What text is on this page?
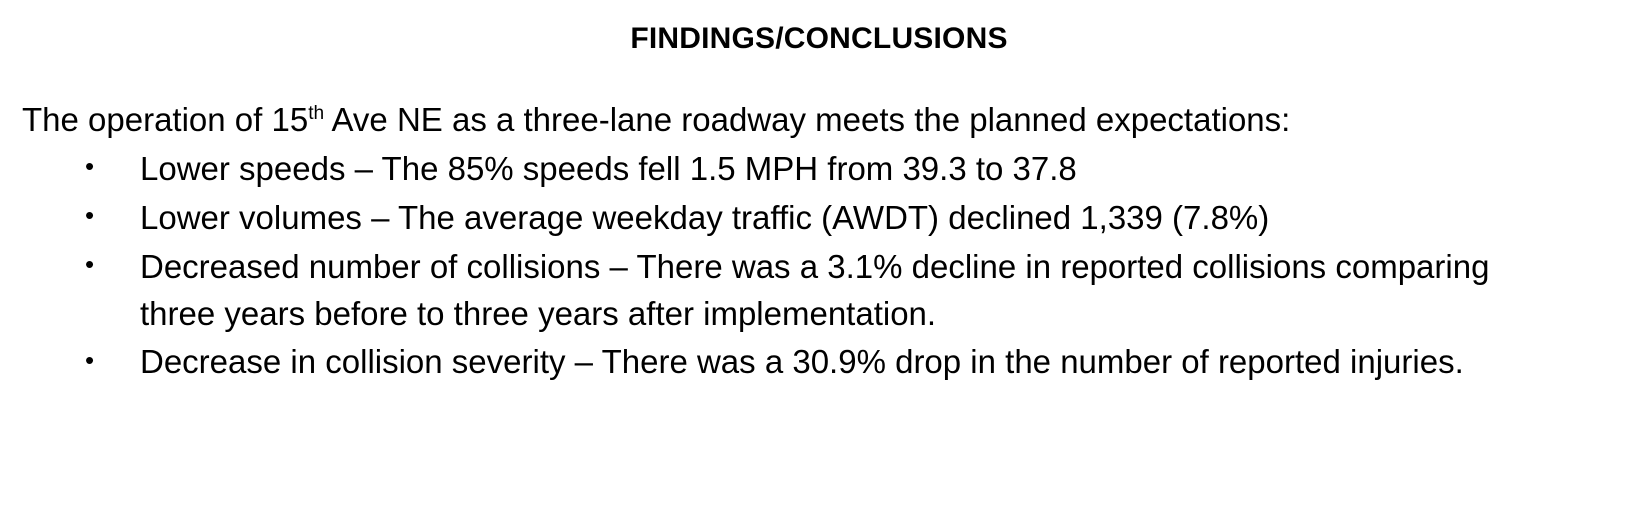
FINDINGS/CONCLUSIONS

The operation of 15th Ave NE as a three-lane roadway meets the planned expectations:

• Lower speeds – The 85% speeds fell 1.5 MPH from 39.3 to 37.8
• Lower volumes – The average weekday traffic (AWDT) declined 1,339 (7.8%)
• Decreased number of collisions – There was a 3.1% decline in reported collisions comparing three years before to three years after implementation.
• Decrease in collision severity – There was a 30.9% drop in the number of reported injuries.
